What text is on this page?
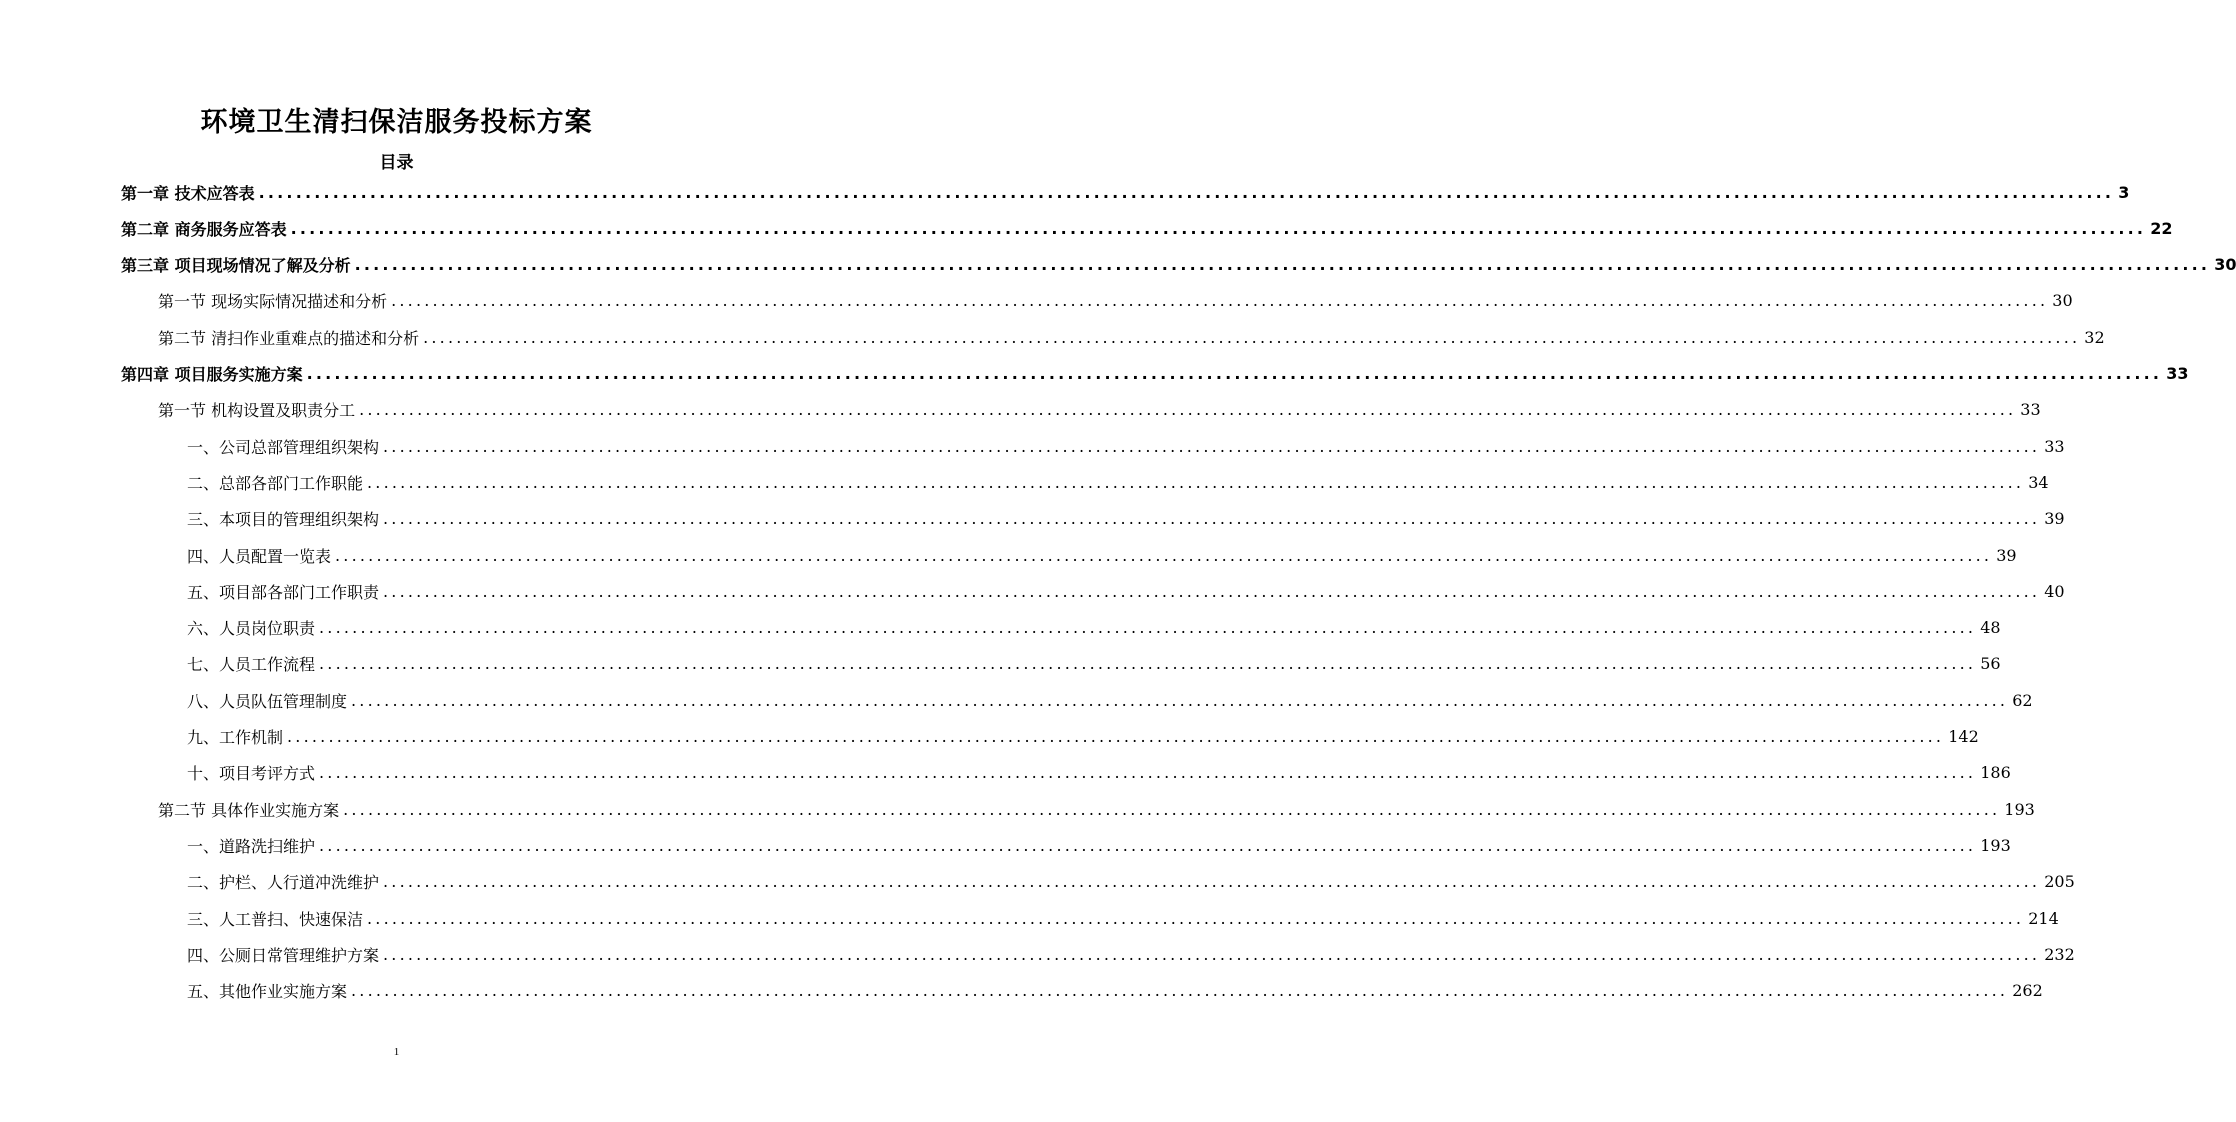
环境卫生清扫保洁服务投标方案
目录
第一章 技术应答表 ........................................................................................................................................................................................................ 3
第二章 商务服务应答表 ........................................................................................................................................................................................................ 22
第三章 项目现场情况了解及分析 ........................................................................................................................................................................................................ 30
第一节 现场实际情况描述和分析 ........................................................................................................................................................................................................ 30
第二节 清扫作业重难点的描述和分析 ........................................................................................................................................................................................................ 32
第四章 项目服务实施方案 ........................................................................................................................................................................................................ 33
第一节 机构设置及职责分工 ........................................................................................................................................................................................................ 33
一、公司总部管理组织架构 ........................................................................................................................................................................................................ 33
二、总部各部门工作职能 ........................................................................................................................................................................................................ 34
三、本项目的管理组织架构 ........................................................................................................................................................................................................ 39
四、人员配置一览表 ........................................................................................................................................................................................................ 39
五、项目部各部门工作职责 ........................................................................................................................................................................................................ 40
六、人员岗位职责 ........................................................................................................................................................................................................ 48
七、人员工作流程 ........................................................................................................................................................................................................ 56
八、人员队伍管理制度 ........................................................................................................................................................................................................ 62
九、工作机制 ........................................................................................................................................................................................................ 142
十、项目考评方式 ........................................................................................................................................................................................................ 186
第二节 具体作业实施方案 ........................................................................................................................................................................................................ 193
一、道路洗扫维护 ........................................................................................................................................................................................................ 193
二、护栏、人行道冲洗维护 ........................................................................................................................................................................................................ 205
三、人工普扫、快速保洁 ........................................................................................................................................................................................................ 214
四、公厕日常管理维护方案 ........................................................................................................................................................................................................ 232
五、其他作业实施方案 ........................................................................................................................................................................................................ 262
1
